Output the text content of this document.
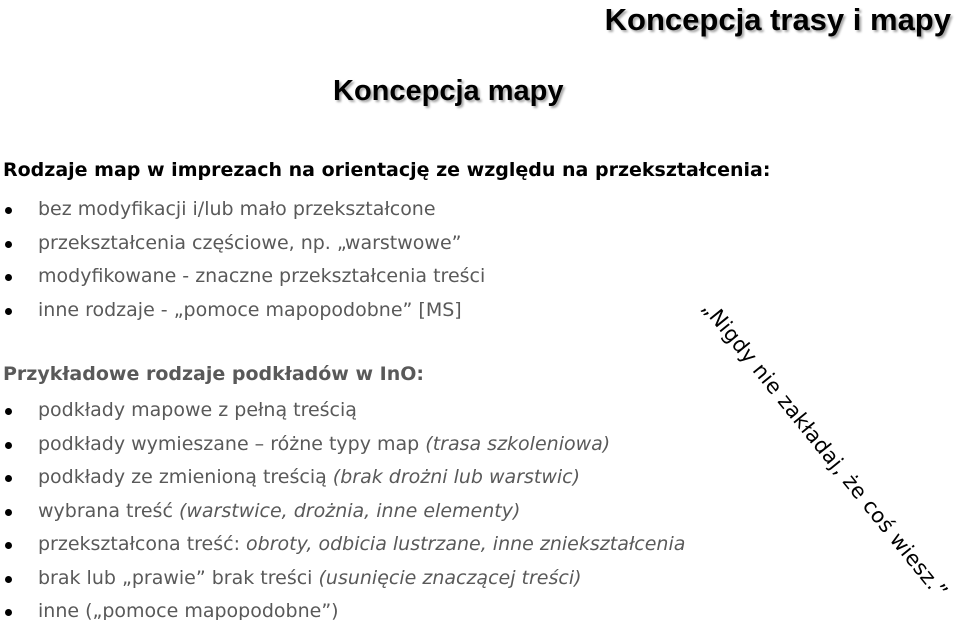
Koncepcja trasy i mapy
Koncepcja mapy
Rodzaje map w imprezach na orientację ze względu na przekształcenia:
bez modyfikacji i/lub mało przekształcone
przekształcenia częściowe, np. „warstwowe”
modyfikowane - znaczne przekształcenia treści
inne rodzaje - „pomoce mapopodobne” [MS]
Przykładowe rodzaje podkładów w InO:
podkłady mapowe z pełną treścią
podkłady wymieszane – różne typy map (trasa szkoleniowa)
podkłady ze zmienioną treścią (brak drożni lub warstwic)
wybrana treść (warstwice, drożnia, inne elementy)
przekształcona treść: obroty, odbicia lustrzane, inne zniekształcenia
brak lub „prawie” brak treści (usunięcie znaczącej treści)
inne („pomoce mapopodobne”)
„Nigdy nie zakładaj, że coś wiesz.”
